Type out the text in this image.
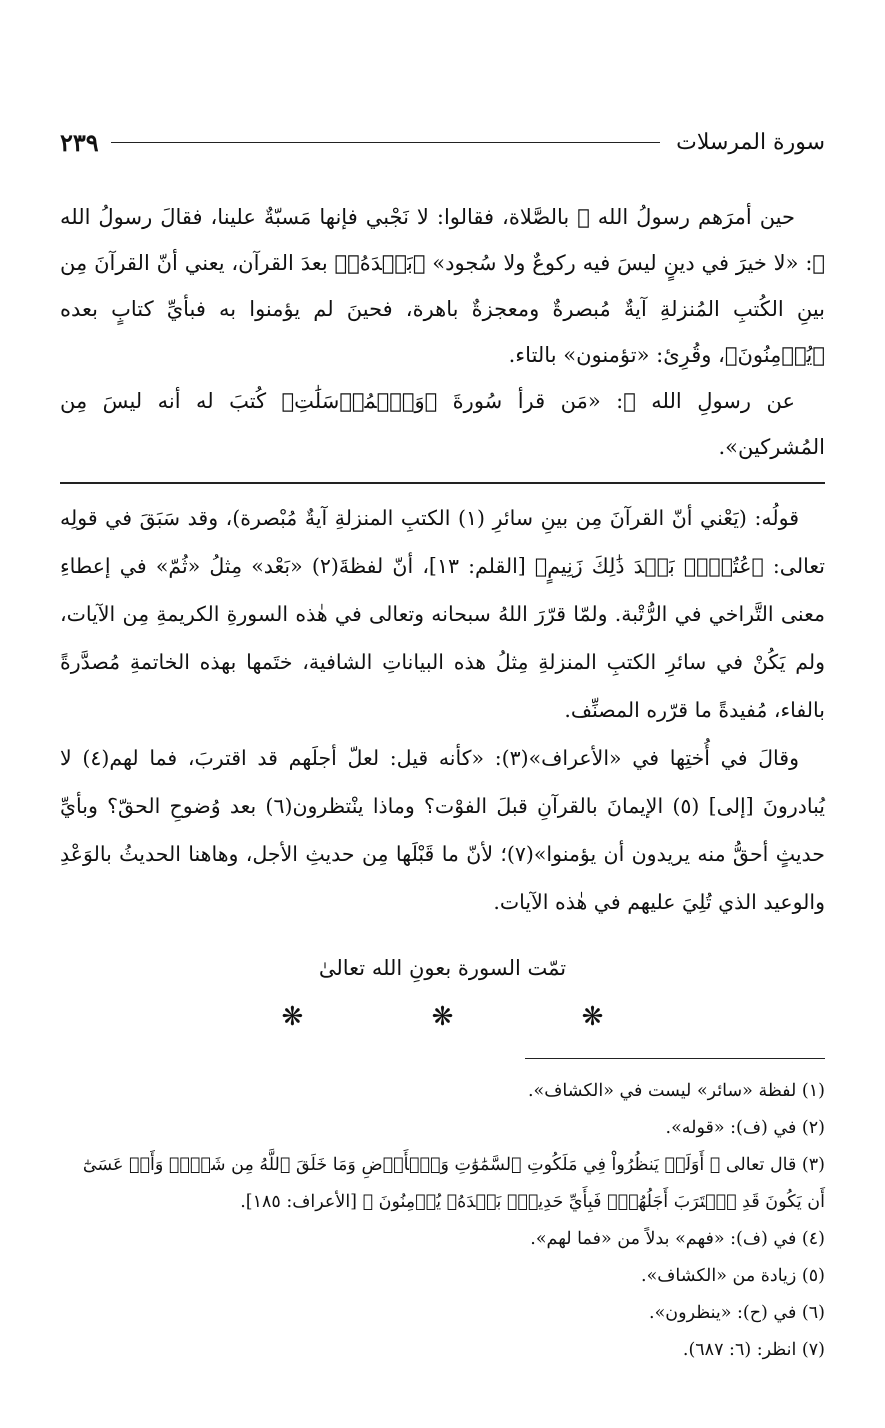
سورة المرسلات
٢٣٩

حين أمرَهم رسولُ الله ﷺ بالصَّلاة، فقالوا: لا نَجْبي فإنها مَسبّةٌ علينا، فقالَ رسولُ الله ﷺ: «لا خيرَ في دينٍ ليسَ فيه ركوعٌ ولا سُجود» ﴿بَعۡدَهُۥ﴾ بعدَ القرآن، يعني أنّ القرآنَ مِن بينِ الكُتبِ المُنزلةِ آيةٌ مُبصرةٌ ومعجزةٌ باهرة، فحينَ لم يؤمنوا به فبأيِّ كتابٍ بعده ﴿يُؤۡمِنُونَ﴾، وقُرِئ: «تؤمنون» بالتاء.

عن رسولِ الله ﷺ: «مَن قرأ سُورةَ ﴿وَٱلۡمُرۡسَلَٰتِ﴾ كُتبَ له أنه ليسَ مِن المُشركين».

قولُه: (يَعْني أنّ القرآنَ مِن بينِ سائرِ (١) الكتبِ المنزلةِ آيةٌ مُبْصرة)، وقد سَبَقَ في قولِه تعالى: ﴿عُتُلِّۭ بَعۡدَ ذَٰلِكَ زَنِيمٍ﴾ [القلم: ١٣]، أنّ لفظةَ(٢) «بَعْد» مِثلُ «ثُمّ» في إعطاءِ معنى التَّراخي في الرُّتْبة. ولمّا قرّرَ اللهُ سبحانه وتعالى في هٰذه السورةِ الكريمةِ مِن الآيات، ولم يَكُنْ في سائرِ الكتبِ المنزلةِ مِثلُ هذه البياناتِ الشافية، ختَمها بهذه الخاتمةِ مُصدَّرةً بالفاء، مُفيدةً ما قرّره المصنِّف.

وقالَ في أُختِها في «الأعراف»(٣): «كأنه قيل: لعلّ أجلَهم قد اقتربَ، فما لهم(٤) لا يُبادرونَ [إلى] (٥) الإيمانَ بالقرآنِ قبلَ الفوْت؟ وماذا ينْتظرون(٦) بعد وُضوحِ الحقّ؟ وبأيِّ حديثٍ أحقُّ منه يريدون أن يؤمنوا»(٧)؛ لأنّ ما قَبْلَها مِن حديثِ الأجل، وهاهنا الحديثُ بالوَعْدِ والوعيد الذي تُلِيَ عليهم في هٰذه الآيات.

تمّت السورة بعونِ الله تعالىٰ
❋ ❋ ❋
(١) لفظة «سائر» ليست في «الكشاف».
(٢) في (ف): «قوله».
(٣) قال تعالى ﴿ أَوَلَمۡ يَنظُرُواْ فِي مَلَكُوتِ ٱلسَّمَٰوَٰتِ وَٱلۡأَرۡضِ وَمَا خَلَقَ ٱللَّهُ مِن شَيۡءٖ وَأَنۡ عَسَىٰٓ أَن يَكُونَ قَدِ ٱقۡتَرَبَ أَجَلُهُمۡۖ فَبِأَيِّ حَدِيثِۭ بَعۡدَهُۥ يُؤۡمِنُونَ ﴾ [الأعراف: ١٨٥].
(٤) في (ف): «فهم» بدلاً من «فما لهم».
(٥) زيادة من «الكشاف».
(٦) في (ح): «ينظرون».
(٧) انظر: (٦: ٦٨٧).
